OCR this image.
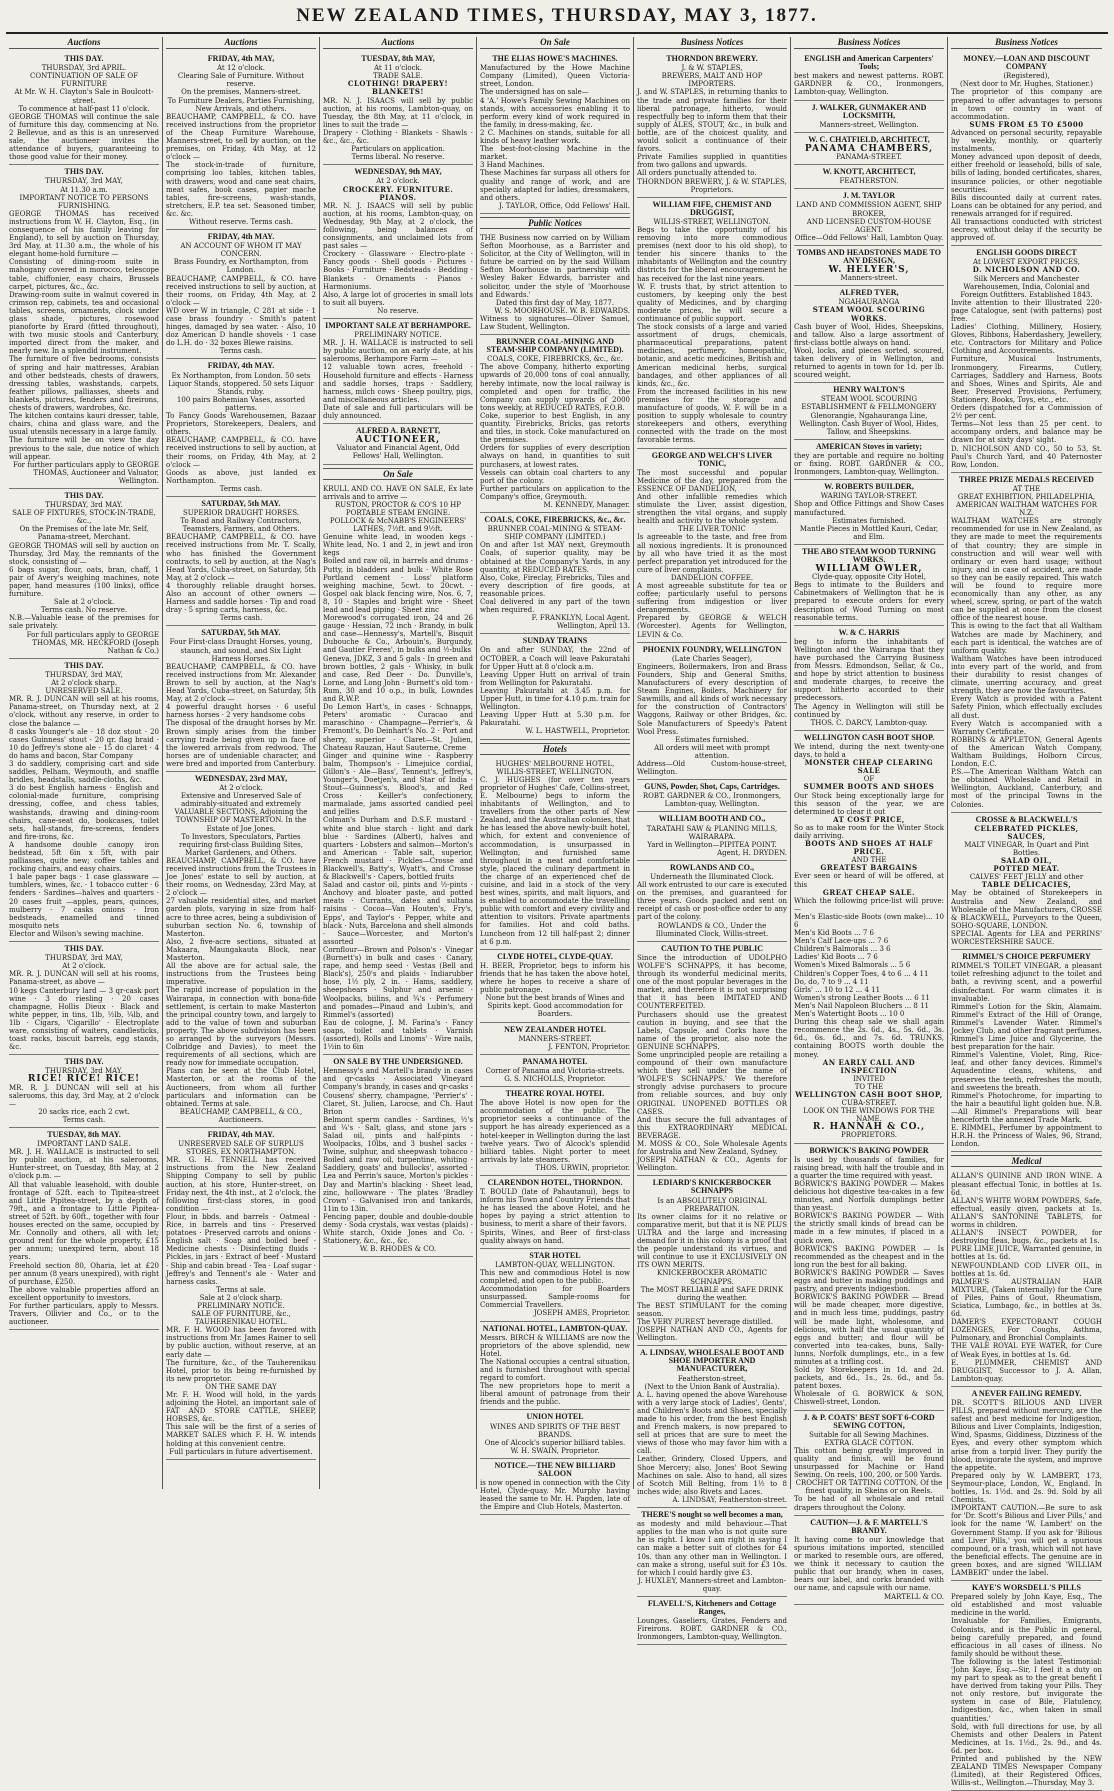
NEW ZEALAND TIMES, THURSDAY, MAY 3, 1877.
Auctions
THIS DAY.

THURSDAY, 3rd APRIL.

CONTINUATION OF SALE OF FURNITURE

At Mr. W. H. Clayton's Sale in Boulcott-street.

To commence at half-past 11 o'clock.

GEORGE THOMAS will continue the sale of furniture this day, commencing at No. 2 Bellevue, and as this is an unreserved sale, the auctioneer invites the attendance of buyers, guaranteeing to those good value for their money.

THIS DAY.

THURSDAY, 3rd MAY,

At 11.30 a.m.

IMPORTANT NOTICE TO PERSONS FURNISHING.

GEORGE THOMAS has received instructions from W. H. Clayton, Esq., (in consequence of his family leaving for England), to sell by auction on Thursday, 3rd May, at 11.30 a.m., the whole of his elegant home-hold furniture —

Consisting of dining-room suite in mahogany covered in morocco, telescope table, chiffonier, easy chairs, Brussels carpet, pictures, &c., &c.

Drawing-room suite in walnut covered in crimson rep, cabinets, tea and occasional tables, screens, ornaments, clock under glass shade, pictures, rosewood pianoforte by Erard (fitted throughout), with two music stools and Canterbury, imported direct from the maker, and nearly new. In a splendid instrument.

The furniture of five bedrooms, consists of spring and hair mattresses, Arabian and other bedsteads, chests of drawers, dressing tables, washstands, carpets, feather pillows, palliasses, sheets and blankets, pictures, fenders and fireirons, chests of drawers, wardrobes, &c.

The kitchen contains kauri dresser, table, chairs, china and glass ware, and the usual utensils necessary in a large family.

The furniture will be on view the day previous to the sale, due notice of which will appear.

For further particulars apply to GEORGE THOMAS, Auctioneer and Valuator, Wellington.

THIS DAY.

THURSDAY, 3rd MAY.

SALE OF FIXTURES, STOCK-IN-TRADE, &c.,

On the Premises of the late Mr. Self, Panama-street, Merchant.

GEORGE THOMAS will sell by auction on Thursday, 3rd May, the remnants of the stock, consisting of —

6 bags sugar, flour, oats, bran, chaff, 1 pair of Avery's weighing machines, note paper, hand measures (100 links), office furniture.

Sale at 2 o'clock.

Terms cash. No reserve.

N.B.—Valuable lease of the premises for sale privately.

For full particulars apply to GEORGE THOMAS, MR. HECKFORD (Joseph Nathan & Co.)

THIS DAY.

THURSDAY, 3rd MAY,

At 2 o'clock sharp.

UNRESERVED SALE.

MR. R. J. DUNCAN will sell at his rooms, Panama-street, on Thursday next, at 2 o'clock, without any reserve, in order to close the balance —

8 casks Younger's ale · 18 doz stout · 20 cases Guinness' stout · 20 qr. flag braid · 10 do Jeffrey's stone ale · 15 do claret · 4 do hams and bacon, Star Company

3 do saddlery, comprising cart and side saddles, Pelham, Weymouth, and snaffle bridles, headstalls, saddle-cloths, &c.

3 do best English harness · English and colonial-made furniture, comprising dressing, coffee, and chess tables, washstands, drawing and dining-room chairs, cane-seat do, bookcases, toilet sets, hall-stands, fire-screens, fenders and fire-irons, &c.

A handsome double canopy iron bedstead, 5ft 6in x 5ft, with pair palliasses, quite new; coffee tables and rocking chairs, and easy chairs.

1 bale paper bags · 1 case glassware —tumblers, wines, &c. · 1 tobacco cutter · 6 fenders · Sardines—halves and quarters · 20 cases fruit —apples, pears, quinces, mulberry · 7 casks onions · Iron bedsteads, enamelled and tinned mosquito nets

Elector and Wilson's sewing machine.

THIS DAY.

THURSDAY, 3rd MAY,

At 2 o'clock.

MR. R. J. DUNCAN will sell at his rooms, Panama-street, as above —

10 kegs Canterbury lard — 3 qr-cask port wine · 3 do riesling · 20 cases champagne, Hollis Dieux · Black and white pepper, in tins, 1lb, ½lb, ¼lb, and 1lb · Cigars, 'Cigarillo' · Electroplate ware, consisting of waiters, candlesticks, toast racks, biscuit barrels, egg stands, &c.

THIS DAY.

THURSDAY, 3rd MAY.

RICE! RICE! RICE!

MR. R. J. DUNCAN will sell at his salerooms, this day, 3rd May, at 2 o'clock —

20 sacks rice, each 2 cwt.

Terms cash.

TUESDAY, 8th MAY.

IMPORTANT LAND SALE.

MR. J. H. WALLACE is instructed to sell by public auction, at his salerooms, Hunter-street, on Tuesday, 8th May, at 2 o'clock p.m. —

All that valuable leasehold, with double frontage of 52ft. each to Tipitea-street and Little Pipitea-street, by a depth of 79ft., and a frontage to Little Pipitea-street of 52ft. by 60ft., together with four houses erected on the same, occupied by Mr. Connolly and others, all with let; ground rent for the whole property, £15 per annum; unexpired term, about 18 years.

Freehold section 80, Oharia, let at £20 per annum (8 years unexpired), with right of purchase, £250.

The above valuable properties afford an excellent opportunity to investors.

For further particulars, apply to Messrs. Travers, Ollivier and Co., or to the auctioneer.

Auctions
FRIDAY, 4th MAY,

At 12 o'clock.

Clearing Sale of Furniture. Without reserve.

On the premises, Manners-street.

To Furniture Dealers, Parties Furnishing, New Arrivals, and others.

BEAUCHAMP, CAMPBELL, & CO. have received instructions from the proprietor of the Cheap Furniture Warehouse, Manners-street, to sell by auction, on the premises, on Friday, 4th May, at 12 o'clock —

The stock-in-trade of furniture, comprising loo tables, kitchen tables, with drawers, wood and cane seat chairs, meat safes, book cases, papier mache tables, fire-screens, wash-stands, stretchers, E.P. tea set. Seasoned timber, &c. &c.

Without reserve. Terms cash.

FRIDAY, 4th MAY.

AN ACCOUNT OF WHOM IT MAY CONCERN.

Brass Foundry, ex Northampton, from London.

BEAUCHAMP, CAMPBELL, & CO. have received instructions to sell by auction, at their rooms, on Friday, 4th May, at 2 o'clock —

WD over W in triangle, C 281 at side · 1 case brass foundry · Smith's patent hinges, damaged by sea water. · Also, 10 doz American D handle shovels · 1 case do L.H. do · 32 boxes Blewe raisins.

Terms cash.

FRIDAY, 4th MAY.

Ex Northampton, from London. 50 sets Liquor Stands, stoppered. 50 sets Liquor Stands, ruby.

100 pairs Bohemian Vases, assorted patterns.

To Fancy Goods Warehousemen, Bazaar Proprietors, Storekeepers, Dealers, and others.

BEAUCHAMP, CAMPBELL, & CO. have received instructions to sell by auction, at their rooms, on Friday, 4th May, at 2 o'clock —

Goods as above, just landed ex Northampton.

Terms cash.

SATURDAY, 5th MAY.

SUPERIOR DRAUGHT HORSES.

To Road and Railway Contractors, Teamsters, Farmers, and Others.

BEAUCHAMP, CAMPBELL, & CO. have received instructions from Mr. T. Scally, who has finished the Government contracts, to sell by auction, at the Nag's Head Yards, Cuba-street, on Saturday, 5th May, at 2 o'clock —

4 thoroughly reliable draught horses. Also an account of other owners — Harness and saddle horses · Tip and road dray · 5 spring carts, harness, &c.

Terms cash.

SATURDAY, 5th MAY.

Four First-class Draught Horses, young, staunch, and sound, and Six Light Harness Horses.

BEAUCHAMP, CAMPBELL, & CO. have received instructions from Mr. Alexander Brown to sell by auction, at the Nag's Head Yards, Cuba-street, on Saturday, 5th May, at 2 o'clock —

4 powerful draught horses · 6 useful harness horses · 2 very handsome cobs

The disposal of the draught horses by Mr. Brown simply arises from the timber carrying trade being given up in face of the lowered arrivals from redwood. The horses are of undeniable character, and were bred and imported from Canterbury.

WEDNESDAY, 23rd MAY,

At 2 o'clock.

Extensive and Unreserved Sale of admirably-situated and extremely VALUABLE SECTIONS, Adjoining the TOWNSHIP OF MASTERTON. In the Estate of Joe Jones.

To Investors, Speculators, Parties requiring first-class Building Sites, Market Gardeners, and Others.

BEAUCHAMP, CAMPBELL, & CO. have received instructions from the Trustees in Joe Jones' estate to sell by auction, at their rooms, on Wednesday, 23rd May, at 2 o'clock —

27 valuable residential sites, and market garden plots, varying in size from half-acre to three acres, being a subdivision of suburban section No. 6, township of Masterton.

Also, 2 five-acre sections, situated at Makaara, Maungakauta Block, near Masterton.

All the above are for actual sale, the instructions from the Trustees being imperative.

The rapid increase of population in the Wairarapa, in connection with bona-fide settlement, is certain to make Masterton the principal country town, and largely to add to the value of town and suburban property. The above subdivision has been so arranged by the surveyors (Messrs. Colbridge and Davies), to meet the requirements of all sections, which are ready now for immediate occupation.

Plans can be seen at the Club Hotel, Masterton, or at the rooms of the Auctioneers, from whom all further particulars and information can be obtained. Terms at sale.

BEAUCHAMP, CAMPBELL, & CO., Auctioneers.

FRIDAY, 4th MAY.

UNRESERVED SALE OF SURPLUS STORES, EX NORTHAMPTON.

MR. G. H. TENNELL has received instructions from the New Zealand Shipping Company to sell by public auction, at his store, Hunter-street, on Friday next, the 4th inst., at 2 o'clock, the following first-class stores, in good condition —

Flour, in bbds. and barrels · Oatmeal · Rice, in barrels and tins · Preserved potatoes · Preserved carrots and onions · English salt · Soap and boiled beef · Medicine chests · Disinfecting fluids · Pickles, in jars · Extract of beef · Mustard · Ship and cabin bread · Tea · Loaf sugar · Jeffrey's and Tennent's ale · Water and harness casks.

Terms at sale.

Sale at 2 o'clock sharp.

PRELIMINARY NOTICE.

SALE OF FURNITURE, &c., TAUHERENIKAU HOTEL.

MR. F. H. WOOD has been favored with instructions from Mr. James Rainer to sell by public auction, without reserve, at an early date —

The furniture, &c., of the Tauherenikau Hotel, prior to its being re-furnished by its new proprietor.

ON THE SAME DAY

Mr. F. H. Wood will hold, in the yards adjoining the Hotel, an important sale of FAT AND STORE CATTLE, SHEEP, HORSES, &c.

This sale will be the first of a series of MARKET SALES which F. H. W. intends holding at this convenient centre.

Full particulars in future advertisement.

Auctions
TUESDAY, 8th MAY,

At 11 o'clock.

TRADE SALE.

CLOTHING! DRAPERY! BLANKETS!

MR. N. J. ISAACS will sell by public auction, at his rooms, Lambton-quay, on Tuesday, the 8th May, at 11 o'clock, in lines to suit the trade —

Drapery · Clothing · Blankets · Shawls · &c., &c., &c.

Particulars on application.

Terms liberal. No reserve.

WEDNESDAY, 9th MAY,

At 2 o'clock.

CROCKERY. FURNITURE. PIANOS.

MR. N. J. ISAACS will sell by public auction, at his rooms, Lambton-quay, on Wednesday, 9th May, at 2 o'clock, the following, being balances of consignments, and unclaimed lots from past sales —

Crockery · Glassware · Electro-plate · Fancy goods · Shell goods · Pictures · Books · Furniture · Bedsteads · Bedding · Blankets · Ornaments · Pianos · Harmoniums.

Also, A large lot of groceries in small lots to suit all buyers.

No reserve.

IMPORTANT SALE AT BERHAMPORE.

PRELIMINARY NOTICE.

MR. J. H. WALLACE is instructed to sell by public auction, on an early date, at his salerooms, Berhampore Farm —

12 valuable town acres, freehold · Household furniture and effects · Harness and saddle horses, traps · Saddlery, harness, milch cows · Sheep poultry, pigs, and miscellaneous articles.

Date of sale and full particulars will be duly announced.

ALFRED A. BARNETT,

AUCTIONEER,

Valuator and Financial Agent, Odd Fellows' Hall, Wellington.

On Sale

KRULL AND CO. HAVE ON SALE, Ex late arrivals and to arrive —

RUSTON, PROCTOR & CO'S 10 HP PORTABLE STEAM ENGINE.

POLLOCK & McNABB'S ENGINEERS' LATHES, 7½ft. and 9½ft.

Genuine white lead, in wooden kegs · White lead, No. 1 and 2, in jewt and iron kegs

Boiled and raw oil, in barrels and drums · Putty, in bladders and bulk · White Rose Portland cement · Loss' platform weighing machine, 5cwt. to 20cwt. · Gospel oak black fencing wire, Nos. 6, 7, 8, 10 · Staples and bright wire · Sheet lead and lead piping · Sheet zinc

Morewood's corrugated iron, 24 and 26 gauge · Hessian, 72 inch · Brandy, in bulk and case—Hennessy's, Martell's, Bisquit Dubouche & Co., Arbouin's, Burgundy, and Gautier Freres', in bulks and ½-bulks

Geneva, JDKZ, 3 and 5 gals · In green and brown bottles, 2 gals · Whisky, in bulk and case, Red Deer · Do. Dunville's, Lorne, and Long John · Burnett's old tom · Rum, 30 and 10 o.p., in bulk, Lowndes and R.W.P.

Do Lemon Hart's, in cases · Schnapps, Peters' aromatic · Curacao and maraschino · Champagne—Perrier's, & Fremont's, Do Deinhart's No. 2 · Port and sherry, superior · Claret—St. Julien, Chateau Rauzan, Haut Sauterne, Creme

Ginger and quinine wine · Raspberry balm, Thompson's · Limejuice cordial, Gillon's · Ale—Bass', Tennent's, Jeffrey's, Younger's, Doetjen's, and Star of India · Stout—Guinness's, Blood's, and Red Cross · Keiller's confectionery, marmalade, jams assorted candied peel and jellies

Colman's Durham and D.S.F. mustard · white and blue starch · light and dark blue · Sardines (Albert), halves and quarters · Lobsters and salmon—Morton's and American · Table salt, superior, French mustard · Pickles—Crosse and Blackwell's, Batty's, Wyatt's, and Crosse & Blackwell's · Capers, bottled fruits

Salad and castor oil, pints and ½-pints · Anchovy and bloater paste, and potted meats · Currants, dates and sultana raisins · Cocoa—Van Houten's, Fry's, Epps', and Taylor's · Pepper, white and black · Nuts, Barcelona and shell almonds · Sauce—Worcester, and Morton's assorted

Cornflour—Brown and Polson's · Vinegar (Burnett's) in bulk and cases · Canary, rape, and hemp seed · Vestas (Bell and Black's), 250's and plaids · Indiarubber hose, 1½ ply, 2 in. · Hams, saddlery, sheepshears · Sulphur and arsenic · Woolpacks, biilins, and ¾'s · Perfumery and pomades—Pinaud and Lubin's, and Rimmel's (assorted)

Eau de cologne, J. M. Farina's · Fancy soaps, toilet and tablets · Varnish (assorted), Rolls and Linoms' · Wire nails, 1½in to 6in

ON SALE BY THE UNDERSIGNED.

Hennessy's and Martell's brandy in cases and qr-casks · Associated Vineyard Company's brandy, in cases and qr-casks · Cousens' sherry, champagne, 'Perrier's' · Claret, St. Julien, Larocse, and Ch. Haut Brion

Belmont sperm candles · Sardines, ½'s and ¼'s · Salt, glass, and stone jars · Salad oil, pints and half-pints · Woolpacks, 10lbs, and 3 bushel sacks · Twine, sulphur, and sheepwash tobacco · Boiled and raw oil, turpentine, whiting · Saddlery, goats' and bullocks', assorted · Lea and Perrin's sauce, Morton's pickles · Day and Martin's blacking · Sheet lead, zinc, hollowware · The plates 'Bradley Crown' · Galvanised iron and tankards, 11in to 13in.

Fencing paper, double and double-double demy · Soda crystals, wax vestas (plaids) · White starch, Oxide Jones and Co. · Stationery, &c., &c., &c.

W. B. RHODES & CO.

On Sale
THE ELIAS HOWE'S MACHINES.

Manufactured by the Howe Machine Company (Limited), Queen Victoria-street, London.

The undersigned has on sale—

4 'A.' Howe's Family Sewing Machines on stands, with accessories enabling it to perform every kind of work required in the family, in dress-making, &c.

2 C. Machines on stands, suitable for all kinds of heavy leather work.

The best-foot-closing Machine in the market.

3 Hand Machines.

These Machines far surpass all others for quality and range of work, and are specially adapted for ladies, dressmakers, and others.

J. TAYLOR, Office, Odd Fellows' Hall.

Public Notices

THE Business now carried on by William Sefton Moorhouse, as a Barrister and Solicitor, at the City of Wellington, will in future be carried on by the said William Sefton Moorhouse in partnership with Wesley Baker Edwards, barrister and solicitor, under the style of 'Moorhouse and Edwards.'

Dated this first day of May, 1877.

W. S. MOORHOUSE. W. B. EDWARDS.

Witness to signatures—Oliver Samuel, Law Student, Wellington.

BRUNNER COAL-MINING AND STEAM-SHIP COMPANY (LIMITED).

COALS, COKE, FIREBRICKS, &c., &c.

The above Company, hitherto exporting upwards of 20,000 tons of coal annually, hereby intimate, now the local railway is completed and open for traffic, the Company can supply upwards of 2000 tons weekly, at REDUCED RATES, F.O.B.

Coke, superior to best English, in any quantity. Firebricks, Bricks, gas retorts and tiles, in stock. Coke manufactured on the premises.

Orders for supplies of every description always on hand, in quantities to suit purchasers, at lowest rates.

Vessels can obtain coal charters to any port of the colony.

Further particulars on application to the Company's office, Greymouth.

M. KENNEDY, Manager.

COALS, COKE, FIREBRICKS, &c., &c.

BRUNNER COAL-MINING & STEAM-SHIP COMPANY (LIMITED.)

On and after 1st MAY next, Greymouth Coals, of superior quality, may be obtained at the Company's Yards, in any quantity, at REDUCED RATES.

Also, Coke, Fireclay, Firebricks, Tiles and every description of fire goods, at reasonable prices.

Coal delivered in any part of the town when required.

F. FRANKLYN, Local Agent.

Wellington, April 13.

SUNDAY TRAINS

On and after SUNDAY, the 22nd of OCTOBER, a Coach will leave Pakuratahi for Upper Hutt at 8 o'clock a.m.

Leaving Upper Hutt on arrival of train from Wellington for Pakuratahi.

Leaving Pakuratahi at 3.45 p.m. for Upper Hutt, in time for 4.10 p.m. train for Wellington.

Leaving Upper Hutt at 5.30 p.m. for Pakuratahi.

W. L. HASTWELL, Proprietor.

Hotels

HUGHES' MELBOURNE HOTEL, WILLIS-STREET, WELLINGTON.

C. J. HUGHES (for over ten years proprietor of Hughes' Cafe, Collins-street, E. Melbourne) begs to inform the inhabitants of Wellington, and to travellers from the other parts of New Zealand, and the Australian colonies, that he has leased the above newly-built hotel, which, for extent and convenience of accommodation, is unsurpassed in Wellington, and furnished same throughout in a neat and comfortable style, placed the culinary department in the charge of an experienced chef de cuisine, and laid in a stock of the very best wines, spirits, and malt liquors, and is enabled to accommodate the travelling public with comfort and every civility and attention to visitors. Private apartments for families. Hot and cold baths. Luncheon from 12 till half-past 2; dinner at 6 p.m.

CLYDE HOTEL, CLYDE-QUAY.

H. BEER, Proprietor, begs to inform his friends that he has taken the above hotel, where he hopes to receive a share of public patronage.

None but the best brands of Wines and Spirits kept. Good accommodation for Boarders.

NEW ZEALANDER HOTEL

MANNERS-STREET.

J. FENTON, Proprietor.

PANAMA HOTEL

Corner of Panama and Victoria-streets.

G. S. NICHOLLS, Proprietor.

THEATRE ROYAL HOTEL

The above Hotel is now open for the accommodation of the public. The proprietor seeks a continuance of the support he has already experienced as a hotel-keeper in Wellington during the last twelve years. Two of Alcock's splendid billiard tables. Night porter to meet arrivals by late steamers.

THOS. URWIN, proprietor.

CLARENDON HOTEL, THORNDON.

T. BOULD (late of Pahautanui), begs to inform his Town and Country Friends that he has leased the above Hotel, and he hopes by paying a strict attention to business, to merit a share of their favors.

Spirits, Wines, and Beer of first-class quality always on hand.

STAR HOTEL

LAMBTON-QUAY, WELLINGTON.

This new and commodious Hotel is now completed, and open to the public.

Accommodation for Boarders unsurpassed. Sample-rooms for Commercial Travellers.

JOSEPH AMES, Proprietor.

NATIONAL HOTEL, LAMBTON-QUAY.

Messrs. BIRCH & WILLIAMS are now the proprietors of the above splendid, new Hotel.

The National occupies a central situation, and is furnished throughout with special regard to comfort.

The new proprietors hope to merit a liberal amount of patronage from their friends and the public.

UNION HOTEL

WINES AND SPIRITS OF THE BEST BRANDS.

One of Alcock's superior billiard tables.

W. H. SWAIN, Proprietor.

NOTICE.—THE NEW BILLIARD SALOON

is now opened in connection with the City Hotel, Clyde-quay. Mr. Murphy having leased the same to Mr. H. Pagden, late of the Empire and Club Hotels, Masterton.

Business Notices
THORNDON BREWERY.

J. & W. STAPLES,

BREWERS, MALT AND HOP IMPORTERS.

J. and W. STAPLES, in returning thanks to the trade and private families for their liberal patronage, hitherto, would respectfully beg to inform them that their supply of ALES, STOUT, &c., in bulk and bottle, are of the choicest quality, and would solicit a continuance of their favors.

Private Families supplied in quantities from two gallons and upwards.

All orders punctually attended to.

THORNDON BREWERY, J. & W. STAPLES, Proprietors.

WILLIAM FIFE, CHEMIST AND DRUGGIST,

WILLIS-STREET, WELLINGTON.

Begs to take the opportunity of his removing into more commodious premises (next door to his old shop), to tender his sincere thanks to the inhabitants of Wellington and the country districts for the liberal encouragement he has received for the last nine years.

W. F. trusts that, by strict attention to customers, by keeping only the best quality of Medicines, and by charging moderate prices, he will secure a continuance of public support.

The stock consists of a large and varied assortment of drugs, chemicals, pharmaceutical preparations, patent medicines, perfumery, homeopathic, botanic, and acetic medicines, British and American medicinal herbs, surgical bandages, and other appliances of all kinds, &c., &c.

From the increased facilities in his new premises for the storage and manufacture of goods, W. F. will be in a position to supply wholesale to country storekeepers and others, everything connected with the trade on the most favorable terms.

GEORGE AND WELCH'S LIVER TONIC,

The most successful and popular Medicine of the day, prepared from the ESSENCE OF DANDELION,

And other infallible remedies which stimulate the Liver, assist digestion, strengthen the vital organs, and supply health and activity to the whole system.

THE LIVER TONIC

Is agreeable to the taste, and free from all noxious ingredients. It is pronounced by all who have tried it as the most perfect preparation yet introduced for the cure of liver complaints.

DANDELION COFFEE.

A most agreeable substitute for tea or coffee; particularly useful to persons suffering from indigestion or liver derangements.

Prepared by GEORGE & WELCH (Worcester). Agents for Wellington, LEVIN & Co.

PHOENIX FOUNDRY, WELLINGTON

(Late Charles Seager),

Engineers, Boilermakers, Iron and Brass Founders, Ship and General Smiths, Manufacturers of every description of Steam Engines, Boilers, Machinery for Sawmills, and all kinds of work necessary for the construction of Contractors' Waggons, Railway or other Bridges, &c. Sole Manufacturers of Speedy's Patent Wool Press.

Estimates furnished.

All orders will meet with prompt attention.

Address—Old Custom-house-street, Wellington.

GUNS, Powder, Shot, Caps, Cartridges.

ROBT. GARDNER & CO., Ironmongers, Lambton-quay, Wellington.

WILLIAM BOOTH AND CO.,

TARATAHI SAW & PLANING MILLS, WAIRARAPA.

Yard in Wellington—PIPITEA POINT.

Agent, H. DRYDEN.

ROWLANDS AND CO.,

Underneath the Illuminated Clock.

All work entrusted to our care is executed on the premises, and guaranteed for three years. Goods packed and sent on receipt of cash or post-office order to any part of the colony.

ROWLANDS & CO., Under the Illuminated Clock, Willis-street.

CAUTION TO THE PUBLIC

Since the introduction of UDOLPHO WOLFE'S SCHNAPPS, it has become, through its wonderful medicinal merits, one of the most popular beverages in the market, and therefore it is not surprising that it has been IMITATED AND COUNTERFEITED.

Purchasers should use the greatest caution in buying, and see that the Labels, Capsule, and Corks have the name of the proprietor, also note the GENUINE SCHNAPPS.

Some unprincipled people are retailing a compound of their own manufacture which they sell under the name of 'WOLFE'S SCHNAPPS.' We therefore strongly advise purchasers to procure from reliable sources, and buy only ORIGINAL UNOPENED BOTTLES OR CASES.

And thus secure the full advantages of this EXTRAORDINARY MEDICAL BEVERAGE.

M. MOSS & CO., Sole Wholesale Agents for Australia and New Zealand, Sydney.

JOSEPH NATHAN & CO., Agents for Wellington.

LEDIARD'S KNICKERBOCKER SCHNAPPS

Is an ABSOLUTELY ORIGINAL PREPARATION.

Its owner claims for it no relative or comparative merit, but that it is NE PLUS ULTRA and the large and increasing demand for it in this colony is a proof that the people understand its virtues, and will continue to use it EXCLUSIVELY ON ITS OWN MERITS.

KNICKERBOCKER AROMATIC SCHNAPPS.

The MOST RELIABLE and SAFE DRINK during the weather.

The BEST STIMULANT for the coming season.

The VERY PUREST beverage distilled.

JOSEPH NATHAN AND CO., Agents for Wellington.

A. LINDSAY, WHOLESALE BOOT AND SHOE IMPORTER AND MANUFACTURER,

Featherston-street,

(Next to the Union Bank of Australia).

A. L. having opened the above Warehouse with a very large stock of Ladies', Gents', and Children's Boots and Shoes, specially made to his order, from the best English and French makers, is now prepared to sell at prices that are sure to meet the views of those who may favor him with a call.

Leather, Grindery, Closed Uppers, and Shoe Mercery; also, Jones' Boot Sewing Machines on sale. Also to hand, all sizes of Scotch Mill Belting, from 1½ to 8 inches wide; also Rivets and Laces.

A. LINDSAY, Featherston-street.

THERE'S nought so well becomes a man,

as modesty and mild behaviour.—That applies to the man who is not quite sure he is right. I know I am right in saying I can make a better suit of clothes for £4 10s. than any other man in Wellington. I can make a strong, useful suit for £3 10s. for which I could hardly give £3.

J. HUXLEY, Manners-street and Lambton-quay.

FLAVELL'S, Kitcheners and Cottage Ranges,

Lounges, Gaseliers, Grates, Fenders and Fireirons. ROBT. GARDNER & CO., Ironmongers, Lambton-quay, Wellington.

Business Notices
ENGLISH and American Carpenters' Tools;

best makers and newest patterns. ROBT. GARDNER & CO., Ironmongers, Lambton-quay, Wellington.

J. WALKER, GUNMAKER AND LOCKSMITH,

Manners-street, Wellington.

W. C. CHATFIELD, ARCHITECT,

PANAMA CHAMBERS,

PANAMA-STREET.

W. KNOTT, ARCHITECT,

FEATHERSTON.

J. M. TAYLOR

LAND AND COMMISSION AGENT, SHIP BROKER,

AND LICENSED CUSTOM-HOUSE AGENT.

Office—Odd Fellows' Hall, Lambton Quay.

TOMBS AND HEADSTONES MADE TO ANY DESIGN,

W. HELYER'S,

Manners-street.

ALFRED TYER,

NGAHAURANGA

STEAM WOOL SCOURING WORKS.

Cash buyer of Wool, Hides, Sheepskins, and tallow. Also a large assortment of first-class bottle always on hand.

Wool, locks, and pieces sorted, scoured, taken delivery of in Wellington, and returned to agents in town for 1d. per lb. scoured weight.

HENRY WALTON'S

STEAM WOOL SCOURING ESTABLISHMENT & FELLMONGERY

Glenorangie, Ngahauranga Line, Wellington. Cash Buyer of Wool, Hides, Tallow, and Sheepskins.

AMERICAN Stoves in variety;

they are portable and require no bolting or fixing. ROBT. GARDNER & CO., Ironmongers, Lambton-quay, Wellington.

W. ROBERTS BUILDER,

WARING TAYLOR-STREET.

Shop and Office Fittings and Show Cases manufactured.

Estimates furnished.

Mantle Pieces in Mottled Kauri, Cedar, and Elm.

THE ABO STEAM WOOD TURNING WORKS.

WILLIAM OWLER,

Clyde-quay, opposite City Hotel,

Begs to intimate to the Builders and Cabinetmakers of Wellington that he is prepared to execute orders for every description of Wood Turning on most reasonable terms.

W. & C. HARRIS

beg to inform the inhabitants of Wellington and the Wairarapa that they have purchased the Carrying Business from Messrs. Edmondson, Sellar, & Co., and hope by strict attention to business and moderate charges, to receive the support hitherto accorded to their predecessors.

The Agency in Wellington will still be continued by

THOS. C. DARCY, Lambton-quay.

WELLINGTON CASH BOOT SHOP.

We intend, during the next twenty-one days, to hold a

MONSTER CHEAP CLEARING SALE

OF

SUMMER BOOTS AND SHOES

Our Stock being exceptionally large for this season of the year, we are determined to clear it out

AT COST PRICE,

So as to make room for the Winter Stock daily arriving.

BOOTS AND SHOES AT HALF PRICE.

AND THE

GREATEST BARGAINS

Ever seen or heard of will be offered, at this

GREAT CHEAP SALE.

Which the following price-list will prove:—

Men's Elastic-side Boots (own make)... 10 6

Men's Kid Boots ... 7 6

Men's Calf Lace-ups ... 7 6

Children's Balmorals ... 3 6

Ladies' Kid Boots ... 7 6

Women's Mixed Balmorals ... 5 6

Children's Copper Toes, 4 to 6 ... 4 11

Do, do, 7 to 9 ... 4 11

Girls' ... 10 to 12 ... 4 11

Women's strong Leather Boots ... 6 11

Men's Nail Napoleon Bluchers ... 8 11

Men's Watertight Boots ... 10 0

During this cheap sale we shall again recommence the 2s. 6d., 4s., 5s. 6d., 3s. 6d., 6s. 6d., and 7s. 6d. TRUNKS, containing BOOTS worth double the money.

AN EARLY CALL AND INSPECTION

INVITED

TO THE

WELLINGTON CASH BOOT SHOP,

CUBA-STREET.

LOOK ON THE WINDOWS FOR THE NAME.

R. HANNAH & CO.,

PROPRIETORS.

BORWICK'S BAKING POWDER

Is used by thousands of families, for raising bread, with half the trouble and in a quarter the time required with yeast.

BORWICK'S BAKING POWDER — Makes delicious hot digestive tea-cakes in a few minutes, and Norfolk dumplings better than yeast.

BORWICK'S BAKING POWDER — With the strictly small kinds of bread can be made in a few minutes, if placed in a quick oven.

BORWICK'S BAKING POWDER — Is recommended as the cheapest and in the long run the best for all baking.

BORWICK'S BAKING POWDER — Saves eggs and butter in making puddings and pastry, and prevents indigestion.

BORWICK'S BAKING POWDER — Bread will be made cheaper, more digestive, and in much less time, puddings, pastry will be made light, wholesome, and delicious, with half the usual quantity of eggs and butter; and flour will be converted into tea-cakes, buns, Sally-lunns, Norfolk dumplings, etc., in a few minutes at a trifling cost.

Sold by Storekeepers in 1d. and 2d. packets, and 6d., 1s., 2s. 6d., and 5s. patent boxes.

Wholesale of G. BORWICK & SON, Chiswell-street, London.

J. & P. COATS' BEST SOFT 6-CORD SEWING COTTON,

Suitable for all Sewing Machines.

EXTRA GLACE COTTON.

This cotton being greatly improved in quality and finish, will be found unsurpassed for Machine or Hand Sewing. On reels, 100, 200, or 500 Yards.

CROCHET OR TATTING COTTON, Of the finest quality, in Skeins or on Reels.

To be had of all wholesale and retail drapers throughout the Colony.

CAUTION—J. & F. MARTELL'S BRANDY.

It having come to our knowledge that spurious imitations imported, stencilled or marked to resemble ours, are offered, we think it necessary to caution the public that our brandy, when in cases, bears our label, and corks branded with our name, and capsule with our name.

MARTELL & CO.

Business Notices
MONEY.—LOAN AND DISCOUNT COMPANY

(Registered),

(Next door to Mr. Hughes, Stationer.)

The proprietor of this company are prepared to offer advantages to persons in town or country in want of accommodation.

SUMS FROM £5 TO £5000

Advanced on personal security, repayable by weekly, monthly, or quarterly instalments.

Money advanced upon deposit of deeds, either freehold or leasehold, bills of sale, bills of lading, bonded certificates, shares, insurance policies, or other negotiable securities.

Bills discounted daily at current rates. Loans can be obtained for any period, and renewals arranged for if required.

All transactions conducted with strictest secrecy, without delay if the security be approved of.

ENGLISH GOODS DIRECT

At LOWEST EXPORT PRICES,

D. NICHOLSON AND CO.

Silk Mercers and Manchester Warehousemen, India, Colonial and Foreign Outfitters. Established 1843.

Invite attention to their Illustrated 220-page Catalogue, sent (with patterns) post free.

Ladies' Clothing, Millinery, Hosiery, Gloves, Ribbons, Haberdashery, Jewellery, etc. Contractors for Military and Police Clothing and Accoutrements.

Furniture, Musical Instruments, Ironmongery, Firearms, Cutlery, Carriages, Saddlery and Harness, Boots and Shoes, Wines and Spirits, Ale and Beer, Preserved Provisions, Perfumery, Stationery, Books, Toys, etc., etc.

Orders (dispatched for a Commission of 2½ per cent.

Terms—Not less than 25 per cent. to accompany orders, and balance may be drawn for at sixty days' sight.

D. NICHOLSON AND CO., 50 to 53, St. Paul's Church Yard, and 40 Paternoster Row, London.

THREE PRIZE MEDALS RECEIVED

AT THE

GREAT EXHIBITION, PHILADELPHIA, AMERICAN WALTHAM WATCHES FOR N.Z.

WALTHAM WATCHES are strongly recommended for use in New Zealand, as they are made to meet the requirements of that country; they are simple in construction and will wear well with ordinary or even hard usage; without injury, and in case of accident, are made so they can be easily repaired. This watch will be found to require more economically than any other, as any wheel, screw, spring, or part of the watch can be supplied at once from the closest office of the nearest house.

This is owing to the fact that all Waltham Watches are made by Machinery, and each part is identical, the watches are of uniform quality.

Waltham Watches have been introduced into every part of the world, and from their durability to resist changes of climate, unerring accuracy, and great strength, they are now the favourites.

Every Watch is provided with a Patent Safety Pinion, which effectually excludes all dust.

Every Watch is accompanied with a Warranty Certificate.

ROBBINS & APPLETON, General Agents of the American Watch Company, Waltham Buildings, Holborn Circus, London, E.C.

P.S.—The American Waltham Watch can be obtained Wholesale and Retail in Wellington, Auckland, Canterbury, and most of the principal Towns in the Colonies.

CROSSE & BLACKWELL'S

CELEBRATED PICKLES,

SAUCES,

MALT VINEGAR, In Quart and Pint Bottles.

SALAD OIL,

POTTED MEAT.

CALVES' FEET JELLY and other

TABLE DELICACIES,

May be obtained of Storekeepers in Australia and New Zealand, and Wholesale of the Manufacturers, CROSSE & BLACKWELL, Purveyors to the Queen, SOHO-SQUARE, LONDON.

SPECIAL Agents for LEA and PERRINS' WORCESTERSHIRE SAUCE.

RIMMEL'S CHOICE PERFUMERY

RIMMEL'S TOILET VINEGAR, a pleasant toilet refreshing adjunct to the toilet and bath, a reviving scent, and a powerful disinfectant. For warm climates it is invaluable.

Rimmel's Lotion for the Skin, Alamaim. Rimmel's Extract of the Hill of Orange, Rimmel's Lavender Water. Rimmel's Jockey Club, and other fragrant perfumes.

Rimmel's Lime Juice and Glycerine, the best preparation for the hair.

Rimmel's Valentine, Violet, Ring, Rice-leaf, and other fancy devices. Rimmel's Aquadentine cleans, whitens, and preserves the teeth, refreshes the mouth, and sweetens the breath.

Rimmel's Photochrome, for imparting to the hair a beautiful light golden hue. N.B.—All Rimmel's Preparations will bear henceforth the annexed Trade Mark.

E. RIMMEL, Perfumer by appointment to H.R.H. the Princess of Wales, 96, Strand, London.

Medical

ALLAN'S QUININE AND IRON WINE. A pleasant effectual Tonic, in bottles at 1s. 6d.

ALLAN'S WHITE WORM POWDERS, Safe, effectual, easily given, packets at 1s. ALLAN'S SANTONINE TABLETS, for worms in children.

ALLAN'S INSECT POWDER, for destroying fleas, bugs, &c., packets at 1s.

PURE LIME JUICE, Warranted genuine, in bottles at 1s. 6d.

NEWFOUNDLAND COD LIVER OIL, in bottles at 1s. 6d.

PALMER'S AUSTRALIAN HAIR MIXTURE, (Taken internally) for the Cure of Piles, Pains of Gout, Rheumatism, Sciatica, Lumbago, &c., in bottles at 3s. 6d.

DAMER'S EXPECTORANT COUGH LOZENGES, For Coughs, Asthma, Pulmonary, and Bronchial Complaints.

THE VALE ROYAL EYE WATER, for Cure of Weak Eyes, in bottles at 1s. 6d.

E. PLUMMER, CHEMIST AND DRUGGIST, Successor to J. A. Allan, Lambton-quay.

A NEVER FAILING REMEDY.

DR. SCOTT'S BILIOUS AND LIVER PILLS, prepared without mercury, are the safest and best medicine for Indigestion, Bilious and Liver Complaints, Indigestion, Wind, Spasms, Giddiness, Dizziness of the Eyes, and every other symptom which arise from a torpid liver. They purify the blood, invigorate the system, and improve the appetite.

Prepared only by W. LAMBERT, 173, Seymour-place, London, W., England. In bottles, 1s. 1½d. and 2s. 9d. Sold by all Chemists.

IMPORTANT CAUTION.—Be sure to ask for 'Dr. Scott's Bilious and Liver Pills,' and look for the name 'W. Lambert' on the Government Stamp. If you ask for 'Bilious and Liver Pills,' you will get a spurious compound, or a trash, which will not have the beneficial effects. The genuine are in green boxes, and are signed 'WILLIAM LAMBERT' under the label.

KAYE'S WORSDELL'S PILLS

Prepared solely by John Kaye, Esq., The old established and most valuable medicine in the world.

Invaluable for Families, Emigrants, Colonists, and is the Public in general, being carefully prepared, and found efficacious in all cases of illness. No family should be without these.

The following is the latest Testimonial: 'John Kaye, Esq.—Sir, I feel it a duty on my part to speak as to the great benefit I have derived from taking your Pills. They not only restore, but invigorate the system in case of Bile, Flatulency, Indigestion, &c., when taken in small quantities.'

Sold, with full directions for use, by all Chemists and other Dealers in Patent Medicines, at 1s. 1½d., 2s. 9d., and 4s. 6d. per box.

Printed and published by the NEW ZEALAND TIMES Newspaper Company (Limited), at their Registered Offices, Willis-st., Wellington.—Thursday, May 3.
